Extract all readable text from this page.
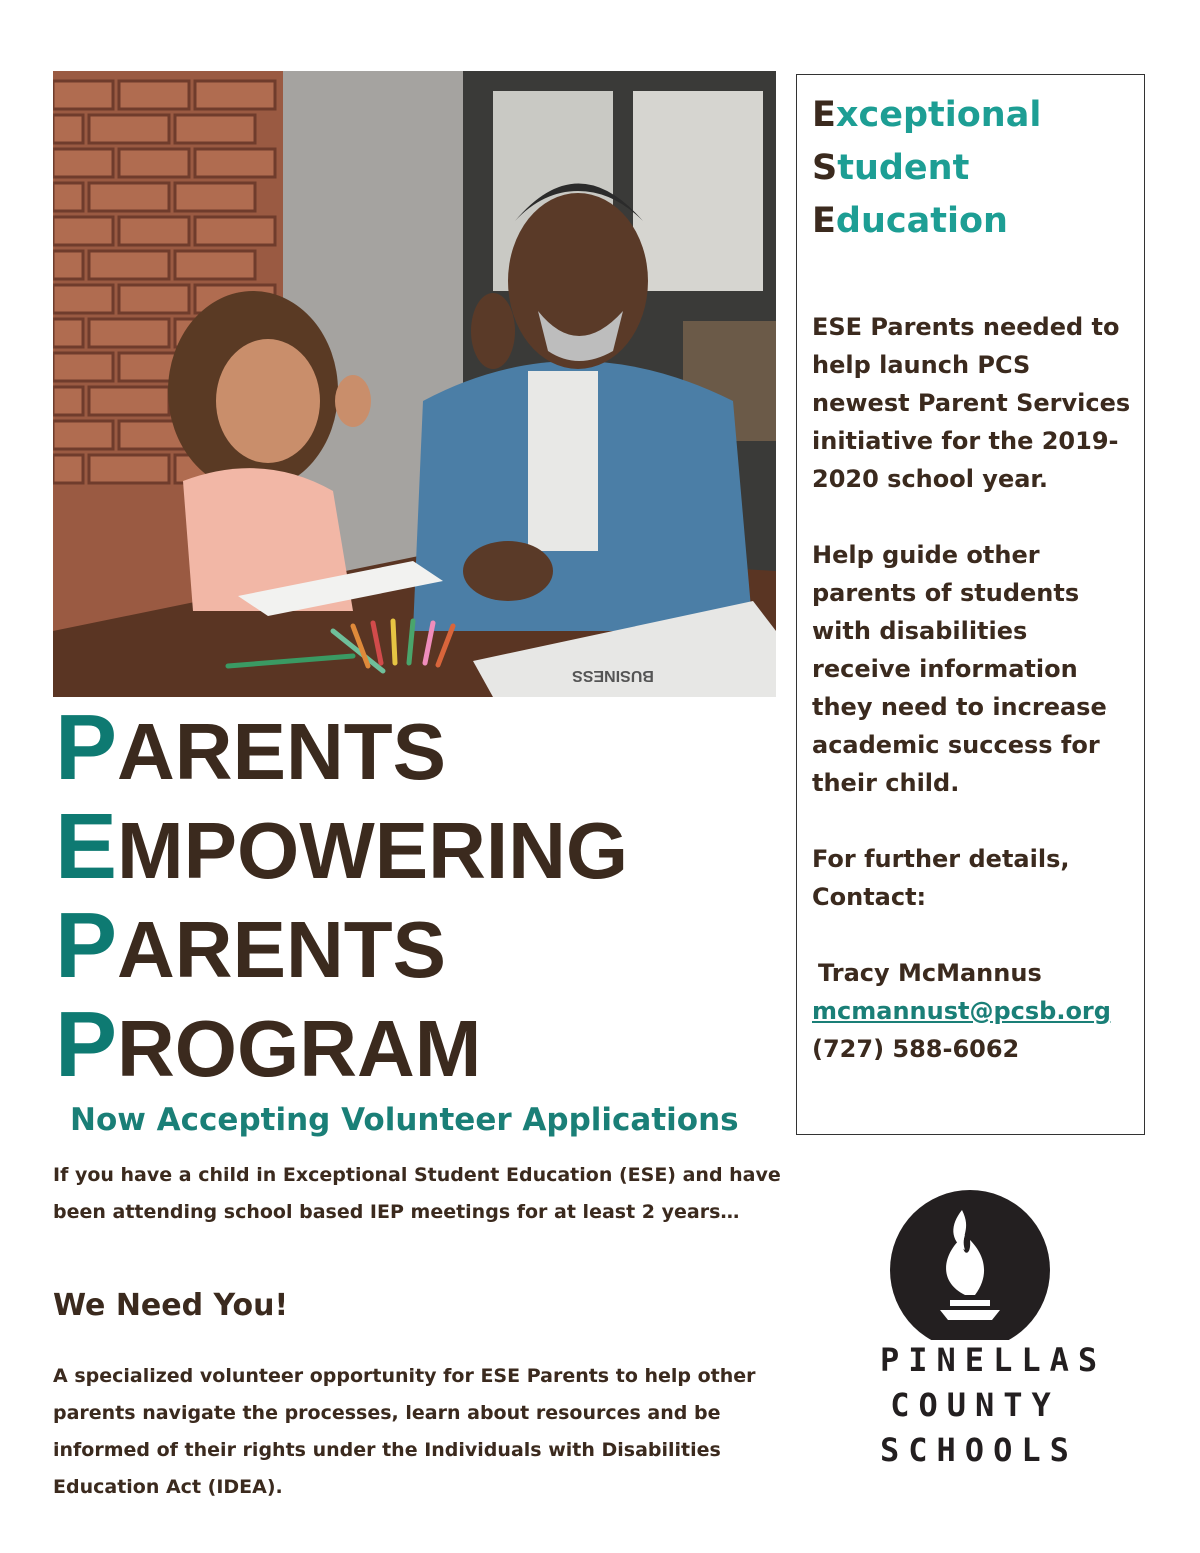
BUSINESS
PARENTS
EMPOWERING
PARENTS
PROGRAM
Now Accepting Volunteer Applications

If you have a child in Exceptional Student Education (ESE) and have been attending school based IEP meetings for at least 2 years…

We Need You!

A specialized volunteer opportunity for ESE Parents to help other parents navigate the processes, learn about resources and be informed of their rights under the Individuals with Disabilities Education Act (IDEA).

Exceptional
Student
Education

ESE Parents needed to help launch PCS newest Parent Services initiative for the 2019-2020 school year.

Help guide other parents of students with disabilities receive information they need to increase academic success for their child.

For further details,
Contact:

Tracy McMannus
mcmannust@pcsb.org
(727) 588-6062
PINELLAS
COUNTY
SCHOOLS
